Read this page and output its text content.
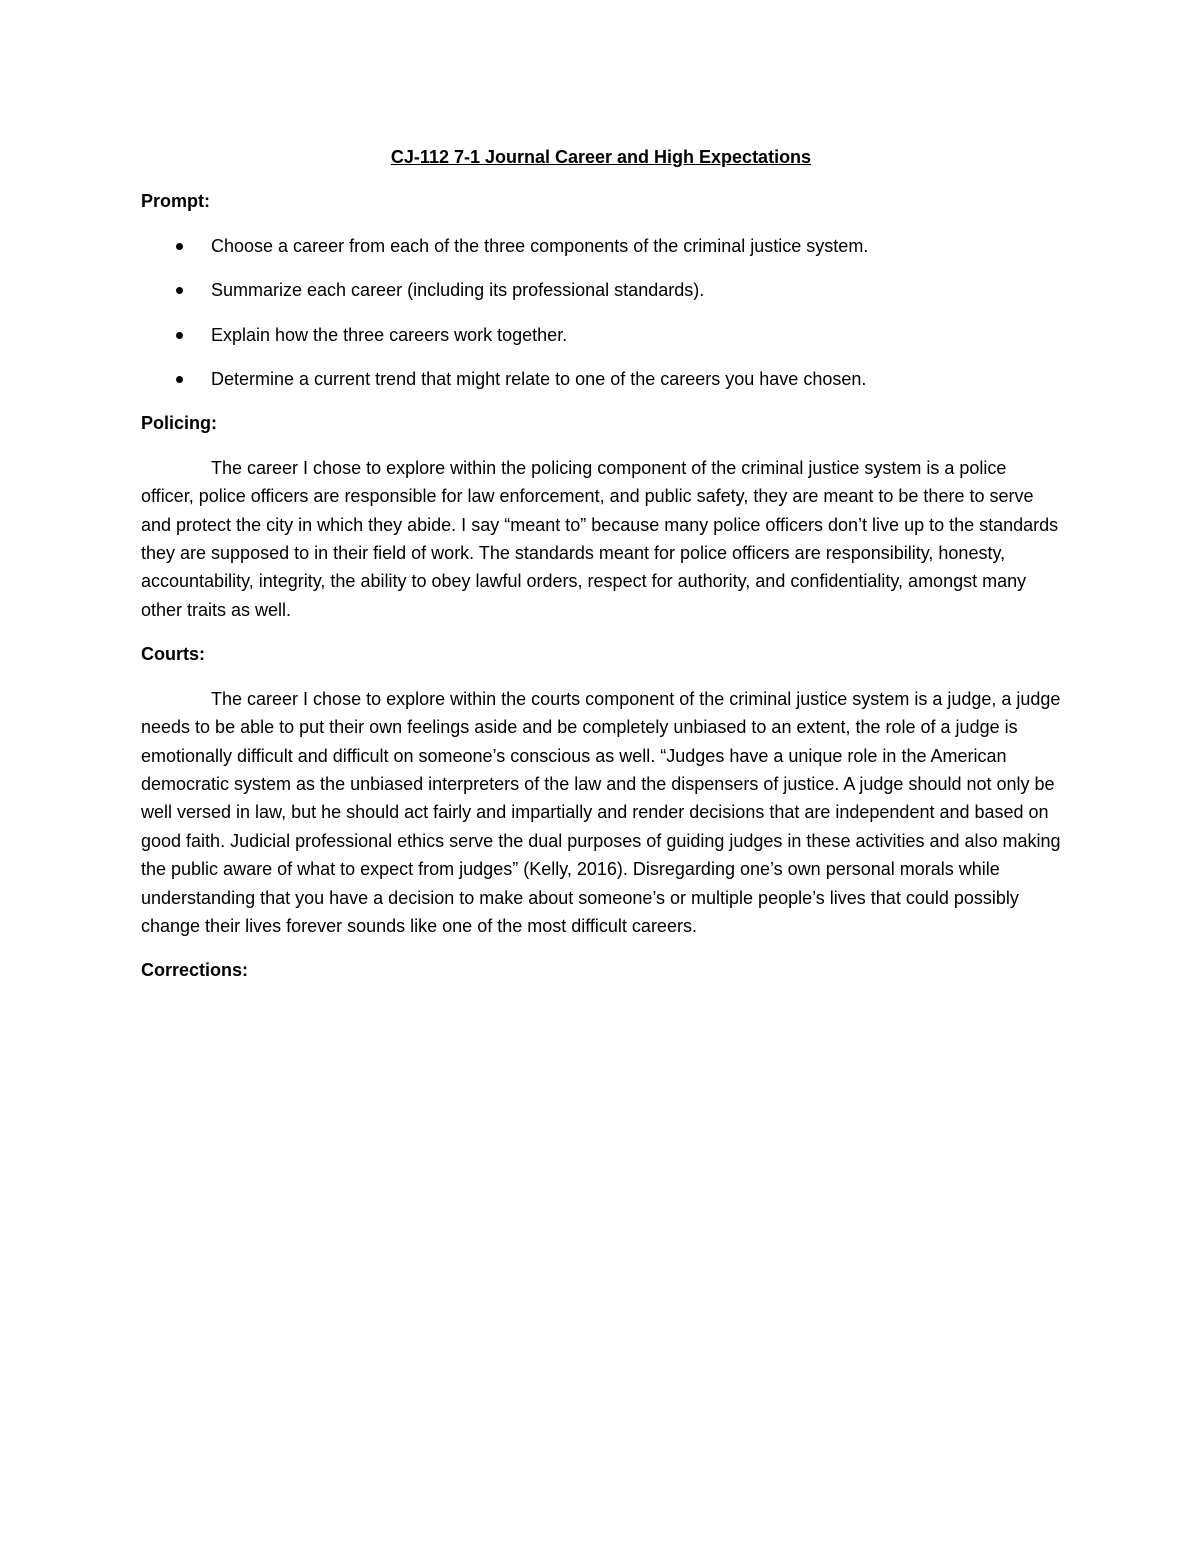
CJ-112 7-1 Journal Career and High Expectations
Prompt:
Choose a career from each of the three components of the criminal justice system.
Summarize each career (including its professional standards).
Explain how the three careers work together.
Determine a current trend that might relate to one of the careers you have chosen.
Policing:

The career I chose to explore within the policing component of the criminal justice system is a police officer, police officers are responsible for law enforcement, and public safety, they are meant to be there to serve and protect the city in which they abide. I say “meant to” because many police officers don’t live up to the standards they are supposed to in their field of work. The standards meant for police officers are responsibility, honesty, accountability, integrity, the ability to obey lawful orders, respect for authority, and confidentiality, amongst many other traits as well.

Courts:

The career I chose to explore within the courts component of the criminal justice system is a judge, a judge needs to be able to put their own feelings aside and be completely unbiased to an extent, the role of a judge is emotionally difficult and difficult on someone’s conscious as well. “Judges have a unique role in the American democratic system as the unbiased interpreters of the law and the dispensers of justice. A judge should not only be well versed in law, but he should act fairly and impartially and render decisions that are independent and based on good faith. Judicial professional ethics serve the dual purposes of guiding judges in these activities and also making the public aware of what to expect from judges” (Kelly, 2016). Disregarding one’s own personal morals while understanding that you have a decision to make about someone’s or multiple people’s lives that could possibly change their lives forever sounds like one of the most difficult careers.

Corrections:
